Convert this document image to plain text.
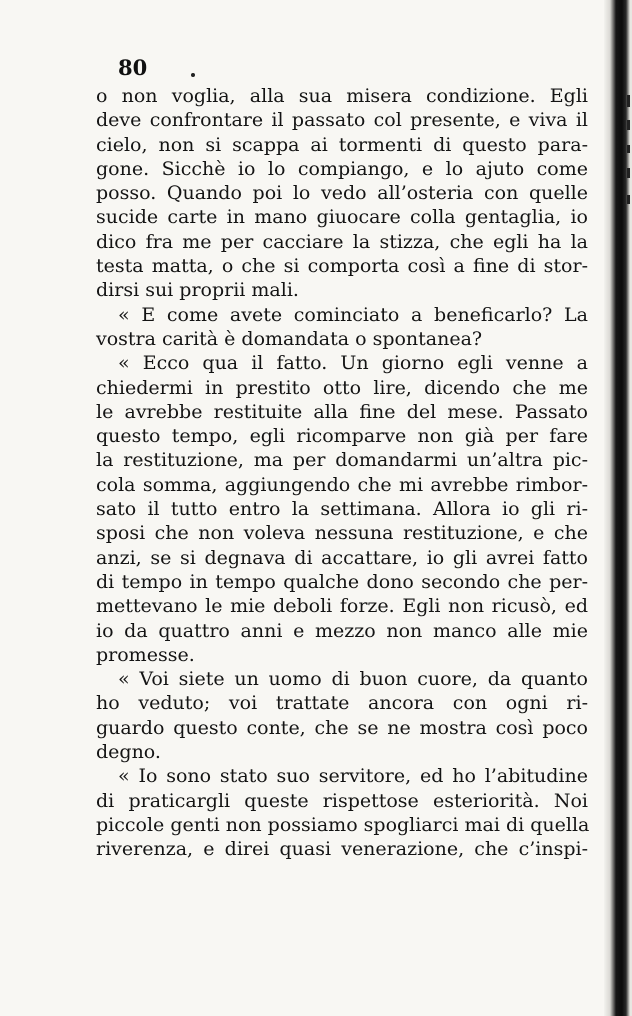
80
o non voglia, alla sua misera condizione. Egli
deve confrontare il passato col presente, e viva il
cielo, non si scappa ai tormenti di questo para-
gone. Sicchè io lo compiango, e lo ajuto come
posso. Quando poi lo vedo all’osteria con quelle
sucide carte in mano giuocare colla gentaglia, io
dico fra me per cacciare la stizza, che egli ha la
testa matta, o che si comporta così a fine di stor-
dirsi sui proprii mali.
« E come avete cominciato a beneficarlo? La
vostra carità è domandata o spontanea?
« Ecco qua il fatto. Un giorno egli venne a
chiedermi in prestito otto lire, dicendo che me
le avrebbe restituite alla fine del mese. Passato
questo tempo, egli ricomparve non già per fare
la restituzione, ma per domandarmi un’altra pic-
cola somma, aggiungendo che mi avrebbe rimbor-
sato il tutto entro la settimana. Allora io gli ri-
sposi che non voleva nessuna restituzione, e che
anzi, se si degnava di accattare, io gli avrei fatto
di tempo in tempo qualche dono secondo che per-
mettevano le mie deboli forze. Egli non ricusò, ed
io da quattro anni e mezzo non manco alle mie
promesse.
« Voi siete un uomo di buon cuore, da quanto
ho veduto; voi trattate ancora con ogni ri-
guardo questo conte, che se ne mostra così poco
degno.
« Io sono stato suo servitore, ed ho l’abitudine
di praticargli queste rispettose esteriorità. Noi
piccole genti non possiamo spogliarci mai di quella
riverenza, e direi quasi venerazione, che c’inspi-
